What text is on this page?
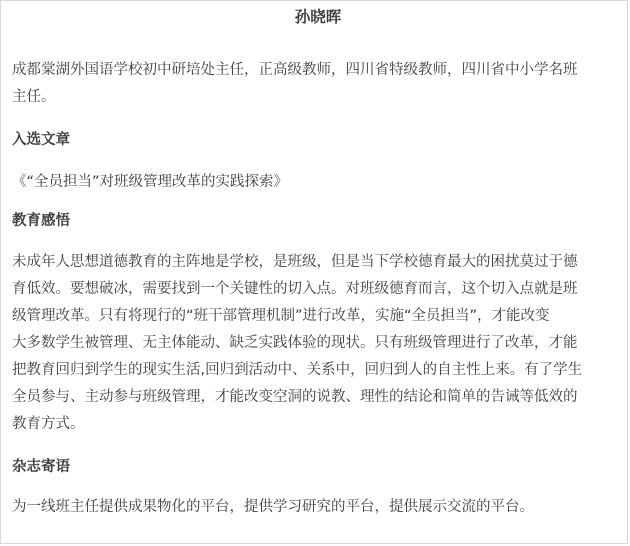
孙晓晖
成都棠湖外国语学校初中研培处主任，正高级教师，四川省特级教师，四川省中小学名班
主任。
入选文章
《“全员担当”对班级管理改革的实践探索》
教育感悟
未成年人思想道德教育的主阵地是学校，是班级，但是当下学校德育最大的困扰莫过于德
育低效。要想破冰，需要找到一个关键性的切入点。对班级德育而言，这个切入点就是班
级管理改革。只有将现行的“班干部管理机制”进行改革，实施“全员担当”，才能改变
大多数学生被管理、无主体能动、缺乏实践体验的现状。只有班级管理进行了改革，才能
把教育回归到学生的现实生活,回归到活动中、关系中，回归到人的自主性上来。有了学生
全员参与、主动参与班级管理，才能改变空洞的说教、理性的结论和简单的告诫等低效的
教育方式。
杂志寄语
为一线班主任提供成果物化的平台，提供学习研究的平台，提供展示交流的平台。
